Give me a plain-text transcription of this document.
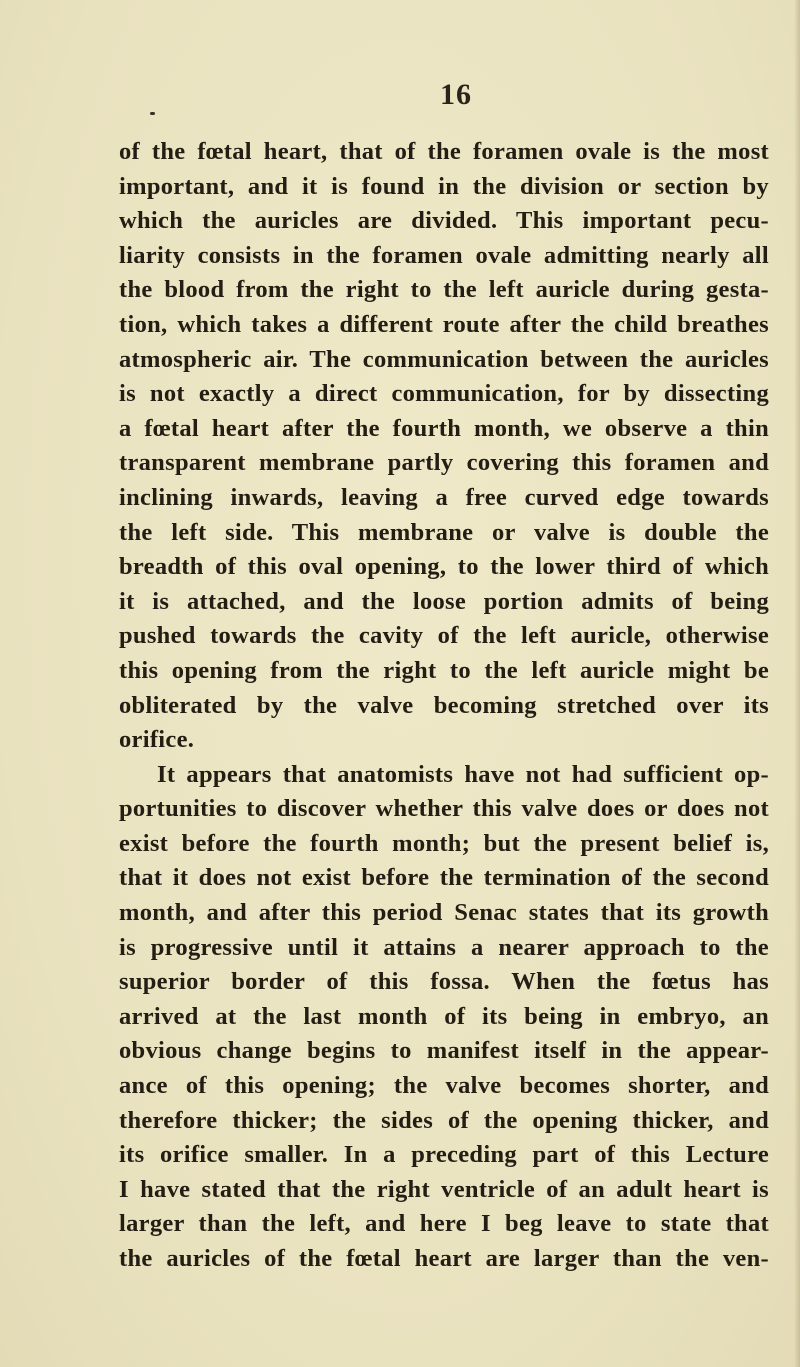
16
of the fœtal heart, that of the foramen ovale is the most
important, and it is found in the division or section by
which the auricles are divided. This important pecu-
liarity consists in the foramen ovale admitting nearly all
the blood from the right to the left auricle during gesta-
tion, which takes a different route after the child breathes
atmospheric air. The communication between the auricles
is not exactly a direct communication, for by dissecting
a fœtal heart after the fourth month, we observe a thin
transparent membrane partly covering this foramen and
inclining inwards, leaving a free curved edge towards
the left side. This membrane or valve is double the
breadth of this oval opening, to the lower third of which
it is attached, and the loose portion admits of being
pushed towards the cavity of the left auricle, otherwise
this opening from the right to the left auricle might be
obliterated by the valve becoming stretched over its
orifice.
It appears that anatomists have not had sufficient op-
portunities to discover whether this valve does or does not
exist before the fourth month; but the present belief is,
that it does not exist before the termination of the second
month, and after this period Senac states that its growth
is progressive until it attains a nearer approach to the
superior border of this fossa. When the fœtus has
arrived at the last month of its being in embryo, an
obvious change begins to manifest itself in the appear-
ance of this opening; the valve becomes shorter, and
therefore thicker; the sides of the opening thicker, and
its orifice smaller. In a preceding part of this Lecture
I have stated that the right ventricle of an adult heart is
larger than the left, and here I beg leave to state that
the auricles of the fœtal heart are larger than the ven-
